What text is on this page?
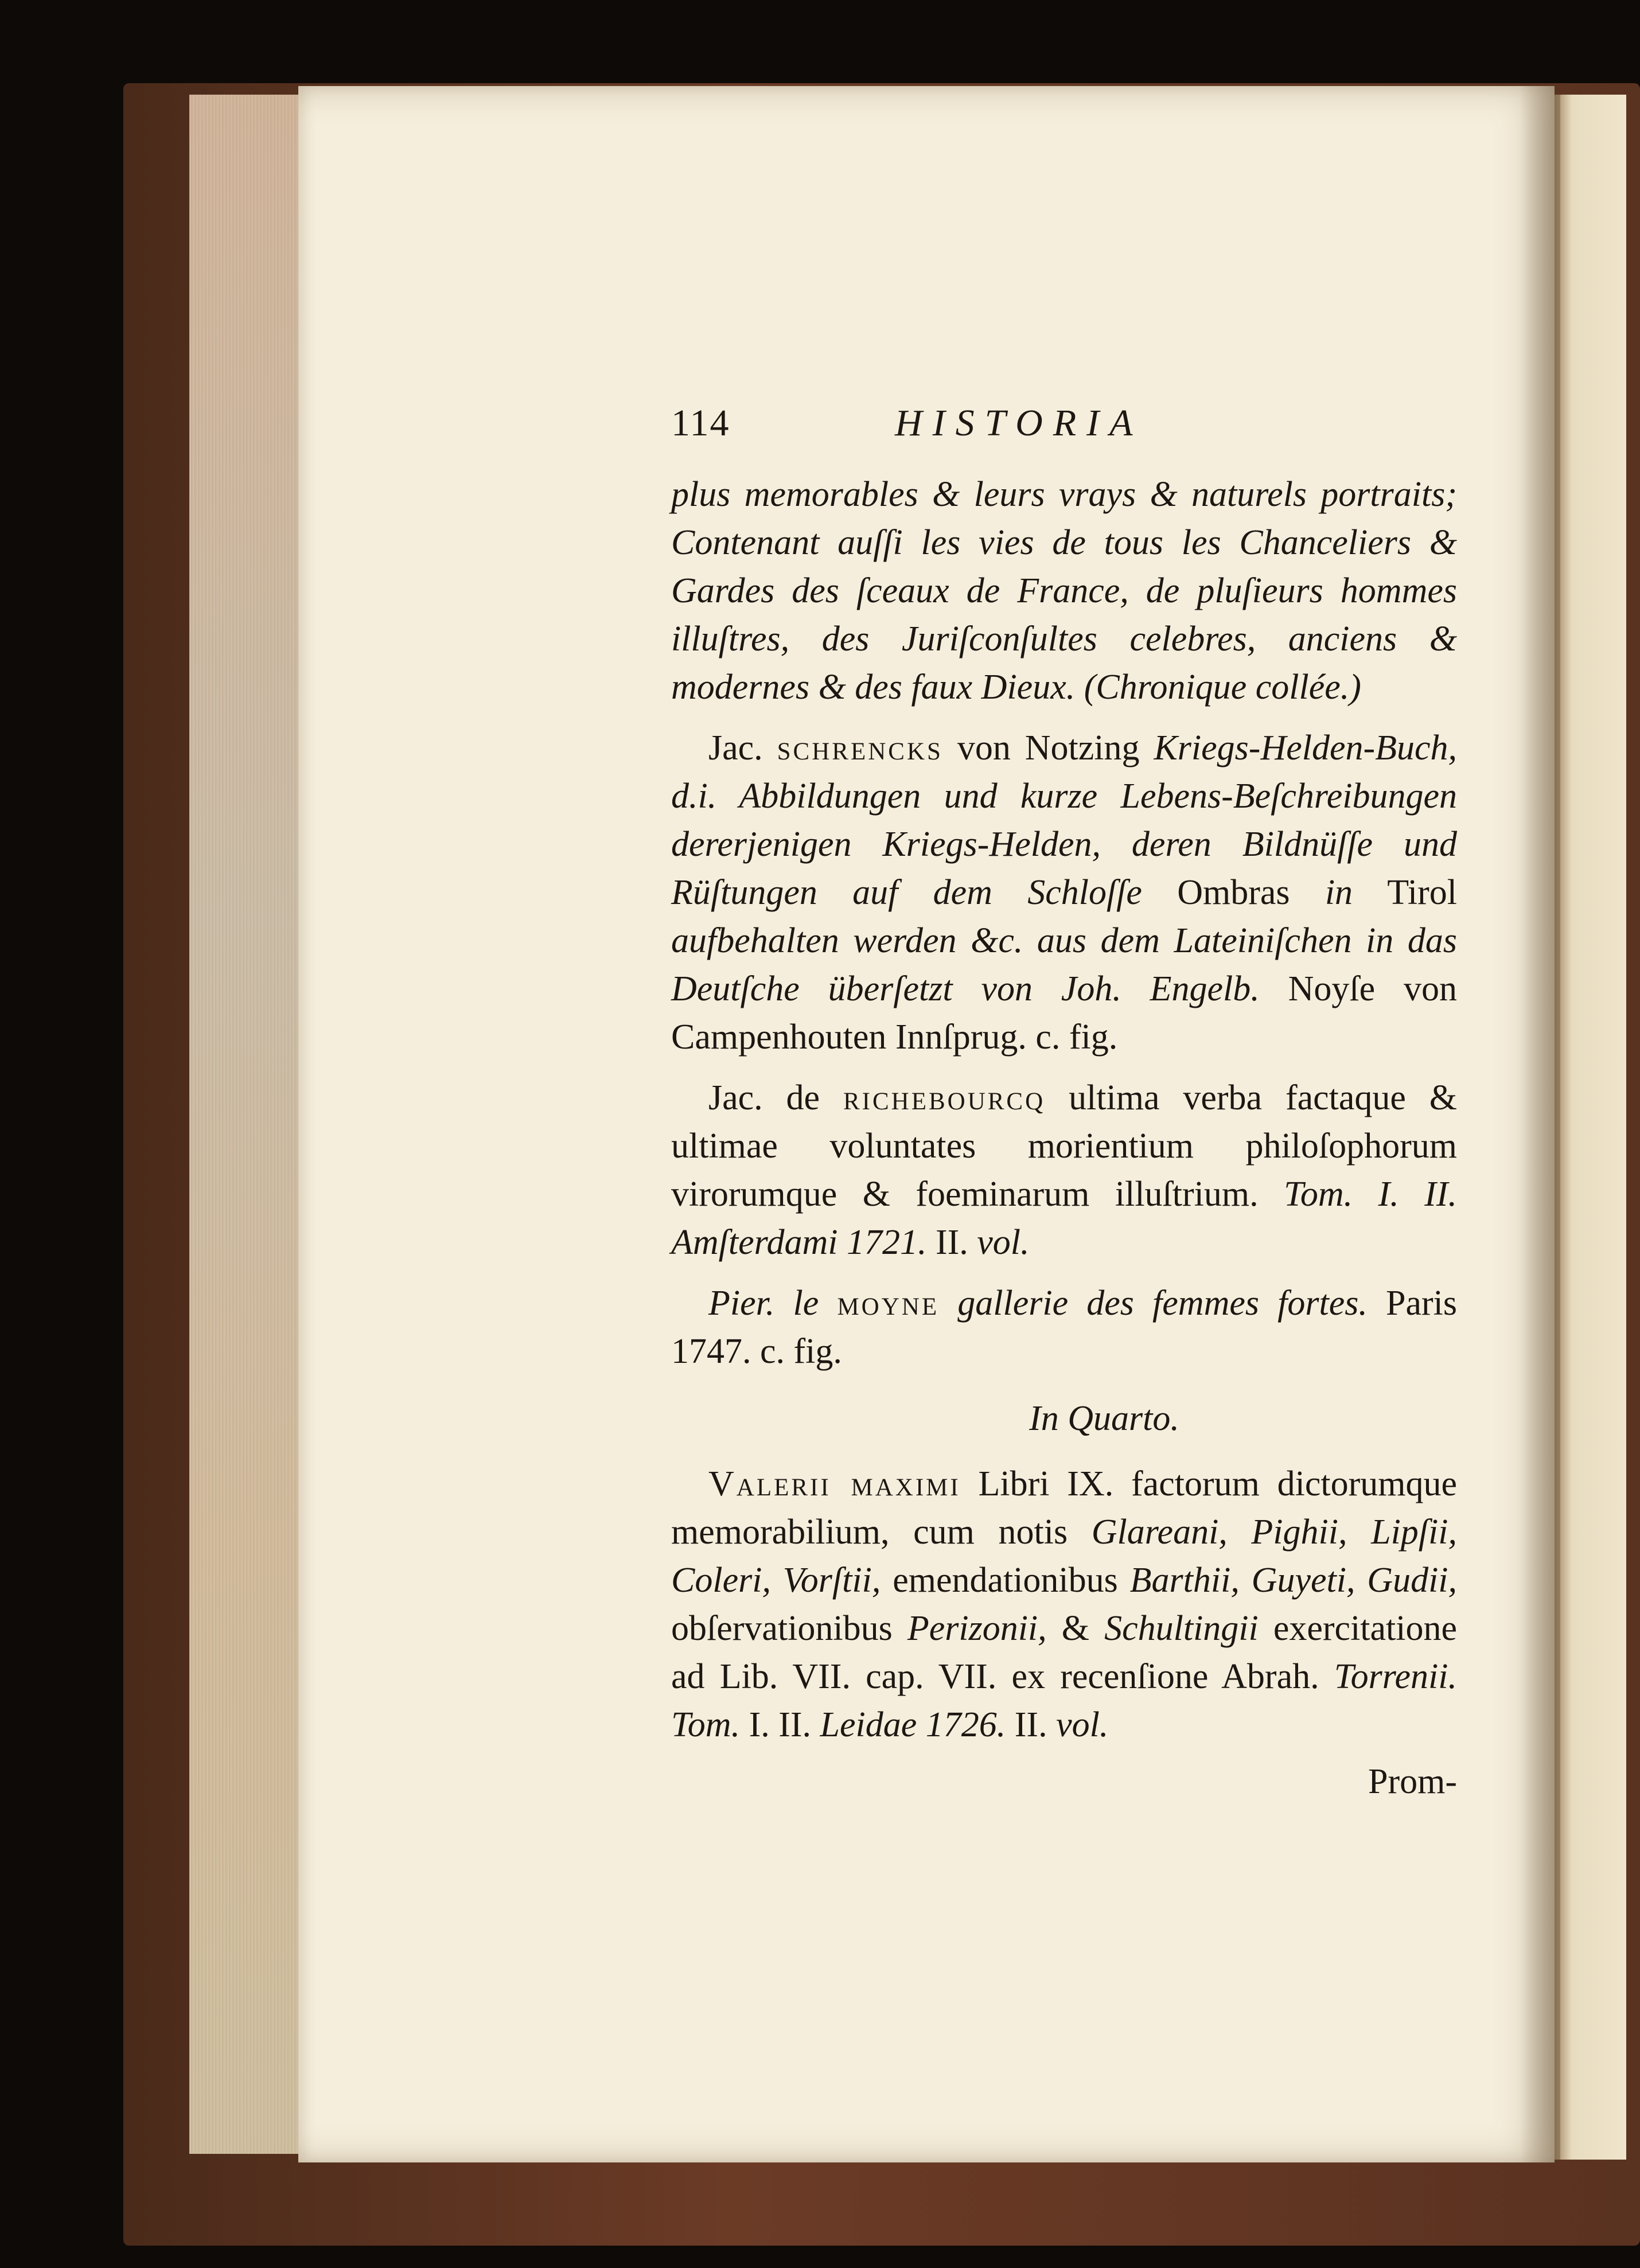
114	HISTORIA

plus memorables & leurs vrays & naturels portraits; Contenant auſſi les vies de tous les Chanceliers & Gardes des ſceaux de France, de pluſieurs hommes illuſtres, des Juriſconſultes celebres, anciens & modernes & des faux Dieux. (Chronique collée.)

Jac. schrencks von Notzing Kriegs-Helden-Buch, d.i. Abbildungen und kurze Lebens-Beſchreibungen dererjenigen Kriegs-Helden, deren Bildnüſſe und Rüſtungen auf dem Schloſſe Ombras in Tirol aufbehalten werden &c. aus dem Lateiniſchen in das Deutſche überſetzt von Joh. Engelb. Noyſe von Campenhouten Innſprug. c. fig.

Jac. de richebourcq ultima verba factaque & ultimae voluntates morientium philoſophorum virorumque & foeminarum illuſtrium. Tom. I. II. Amſterdami 1721. II. vol.

Pier. le moyne gallerie des femmes fortes. Paris 1747. c. fig.

In Quarto.

Valerii maximi Libri IX. factorum dictorumque memorabilium, cum notis Glareani, Pighii, Lipſii, Coleri, Vorſtii, emendationibus Barthii, Guyeti, Gudii, obſervationibus Perizonii, & Schultingii exercitatione ad Lib. VII. cap. VII. ex recenſione Abrah. Torrenii. Tom. I. II. Leidae 1726. II. vol.

Prom-
